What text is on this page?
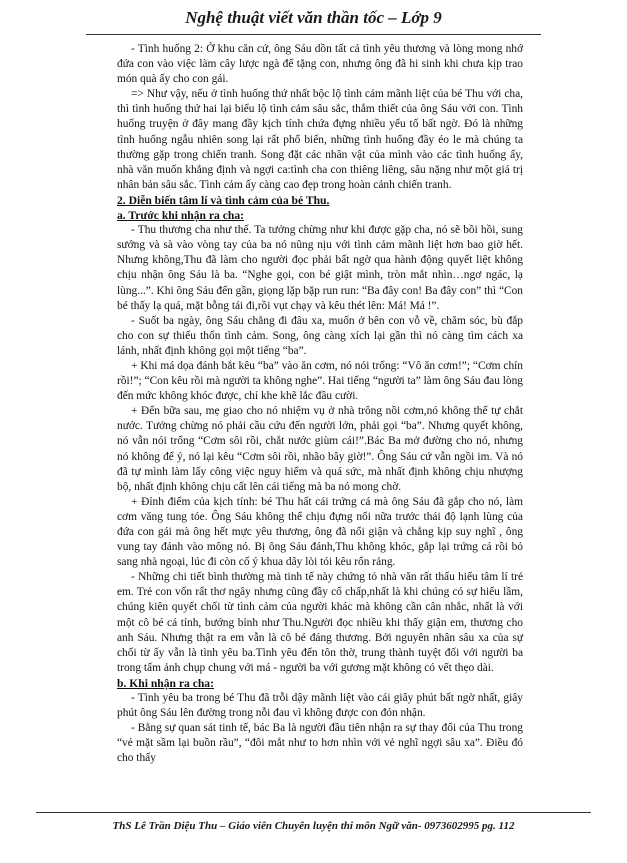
Nghệ thuật viết văn thần tốc – Lớp 9

- Tình huống 2: Ở khu căn cứ, ông Sáu dồn tất cả tình yêu thương và lòng mong nhớ đứa con vào việc làm cây lược ngà để tặng con, nhưng ông đã hi sinh khi chưa kịp trao món quà ấy cho con gái.

=> Như vậy, nếu ở tình huống thứ nhất bộc lộ tình cảm mãnh liệt của bé Thu với cha, thì tình huống thứ hai lại biểu lộ tình cảm sâu sắc, thắm thiết của ông Sáu với con. Tình huống truyện ở đây mang đầy kịch tính chứa đựng nhiều yếu tố bất ngờ. Đó là những tình huống ngẫu nhiên song lại rất phổ biến, những tình huống đầy éo le mà chúng ta thường gặp trong chiến tranh. Song đặt các nhân vật của mình vào các tình huống ấy, nhà văn muốn khẳng định và ngợi ca:tình cha con thiêng liêng, sâu nặng như một giá trị nhân bản sâu sắc. Tình cảm ấy càng cao đẹp trong hoàn cảnh chiến tranh.

2. Diễn biến tâm lí và tình cảm của bé Thu.
a. Trước khi nhận ra cha:

- Thu thương cha như thế. Ta tưởng chừng như khi được gặp cha, nó sẽ bồi hồi, sung sướng và sà vào vòng tay của ba nó nũng nịu với tình cảm mãnh liệt hơn bao giờ hết. Nhưng không,Thu đã làm cho người đọc phải bất ngờ qua hành động quyết liệt không chịu nhận ông Sáu là ba. “Nghe gọi, con bé giật mình, tròn mắt nhìn…ngơ ngác, lạ lùng...”. Khi ông Sáu đến gần, giọng lặp bặp run run: “Ba đây con! Ba đây con” thì “Con bé thấy lạ quá, mặt bỗng tái đi,rồi vụt chạy và kêu thét lên: Má! Má !”.

- Suốt ba ngày, ông Sáu chẳng đi đâu xa, muốn ở bên con vỗ về, chăm sóc, bù đắp cho con sự thiếu thốn tình cảm. Song, ông càng xích lại gần thì nó càng tìm cách xa lánh, nhất định không gọi một tiếng “ba”.

+ Khi má dọa đánh bắt kêu “ba” vào ăn cơm, nó nói trổng: “Vô ăn cơm!”; “Cơm chín rồi!”; “Con kêu rồi mà người ta không nghe”. Hai tiếng “người ta” làm ông Sáu đau lòng đến mức không khóc được, chỉ khe khẽ lắc đầu cười.

+ Đến bữa sau, mẹ giao cho nó nhiệm vụ ở nhà trông nồi cơm,nó không thể tự chắt nước. Tưởng chừng nó phải cầu cứu đến người lớn, phải gọi “ba”. Nhưng quyết không, nó vẫn nói trổng “Cơm sôi rồi, chắt nước giùm cái!”.Bác Ba mở đường cho nó, nhưng nó không để ý, nó lại kêu “Cơm sôi rồi, nhão bây giờ!”. Ông Sáu cứ vẫn ngồi im. Và nó đã tự mình làm lấy công việc nguy hiểm và quá sức, mà nhất định không chịu nhượng bộ, nhất định không chịu cất lên cái tiếng mà ba nó mong chờ.

+ Đỉnh điểm của kịch tính: bé Thu hất cái trứng cá mà ông Sáu đã gắp cho nó, làm cơm văng tung tóe. Ông Sáu không thể chịu đựng nổi nữa trước thái độ lạnh lùng của đứa con gái mà ông hết mực yêu thương, ông đã nổi giận và chẳng kịp suy nghĩ , ông vung tay đánh vào mông nó. Bị ông Sáu đánh,Thu không khóc, gắp lại trứng cá rồi bỏ sang nhà ngoại, lúc đi còn cố ý khua dây lòi tói kêu rổn rảng.

- Những chi tiết bình thường mà tinh tế này chứng tỏ nhà văn rất thấu hiểu tâm lí trẻ em. Trẻ con vốn rất thơ ngây nhưng cũng đầy cố chấp,nhất là khi chúng có sự hiểu lầm, chúng kiên quyết chối từ tình cảm của người khác mà không cần cân nhắc, nhất là với một cô bé cá tính, bướng bỉnh như Thu.Người đọc nhiều khi thấy giận em, thương cho anh Sáu. Nhưng thật ra em vẫn là cô bé đáng thương. Bởi nguyên nhân sâu xa của sự chối từ ấy vẫn là tình yêu ba.Tình yêu đến tôn thờ, trung thành tuyệt đối với người ba trong tấm ảnh chụp chung với má - người ba với gương mặt không có vết thẹo dài.

b. Khi nhận ra cha:

- Tình yêu ba trong bé Thu đã trỗi dậy mãnh liệt vào cái giây phút bất ngờ nhất, giây phút ông Sáu lên đường trong nỗi đau vì không được con đón nhận.

- Bằng sự quan sát tinh tế, bác Ba là người đầu tiên nhận ra sự thay đổi của Thu trong “vẻ mặt sầm lại buồn rầu”, “đôi mắt như to hơn nhìn với vẻ nghĩ ngợi sâu xa”. Điều đó cho thấy

ThS Lê Trần Diệu Thu – Giáo viên Chuyên luyện thi môn Ngữ văn- 0973602995 pg. 112
